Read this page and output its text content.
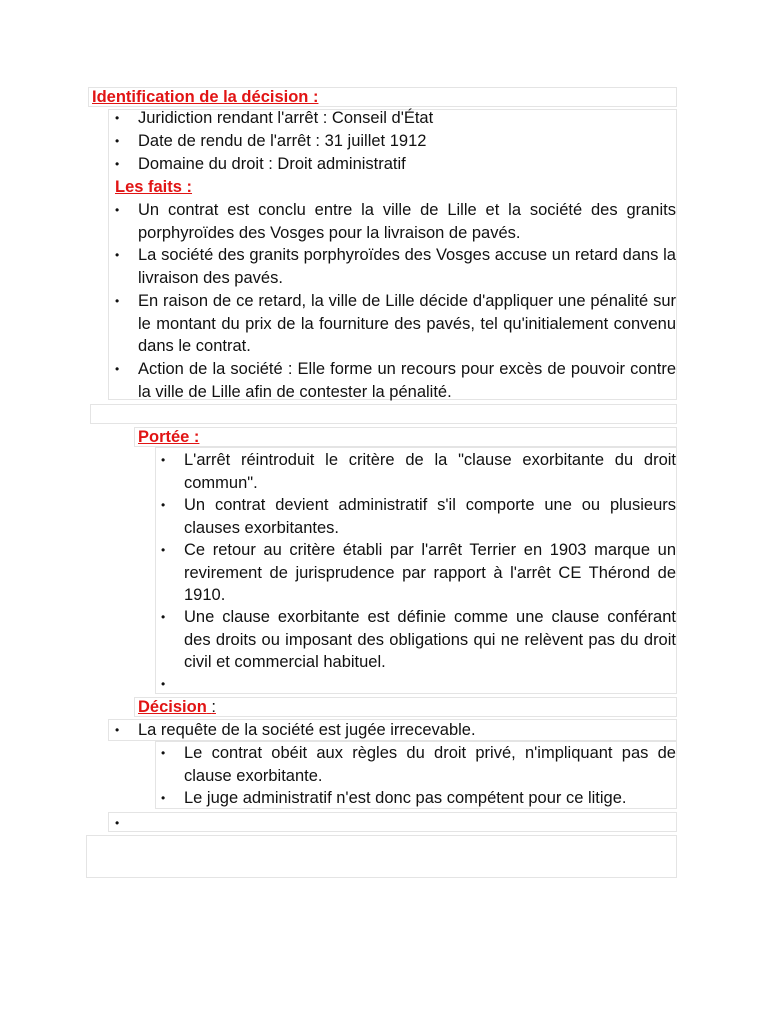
Identification de la décision :
• Juridiction rendant l'arrêt : Conseil d'État
• Date de rendu de l'arrêt : 31 juillet 1912
• Domaine du droit : Droit administratif
Les faits :
• Un contrat est conclu entre la ville de Lille et la société des granits porphyroïdes des Vosges pour la livraison de pavés.
• La société des granits porphyroïdes des Vosges accuse un retard dans la livraison des pavés.
• En raison de ce retard, la ville de Lille décide d'appliquer une pénalité sur le montant du prix de la fourniture des pavés, tel qu'initialement convenu dans le contrat.
• Action de la société : Elle forme un recours pour excès de pouvoir contre la ville de Lille afin de contester la pénalité.
Portée :
• L'arrêt réintroduit le critère de la "clause exorbitante du droit commun".
• Un contrat devient administratif s'il comporte une ou plusieurs clauses exorbitantes.
• Ce retour au critère établi par l'arrêt Terrier en 1903 marque un revirement de jurisprudence par rapport à l'arrêt CE Thérond de 1910.
• Une clause exorbitante est définie comme une clause conférant des droits ou imposant des obligations qui ne relèvent pas du droit civil et commercial habituel.
•
Décision :
• La requête de la société est jugée irrecevable.
• Le contrat obéit aux règles du droit privé, n'impliquant pas de clause exorbitante.
• Le juge administratif n'est donc pas compétent pour ce litige.
•
